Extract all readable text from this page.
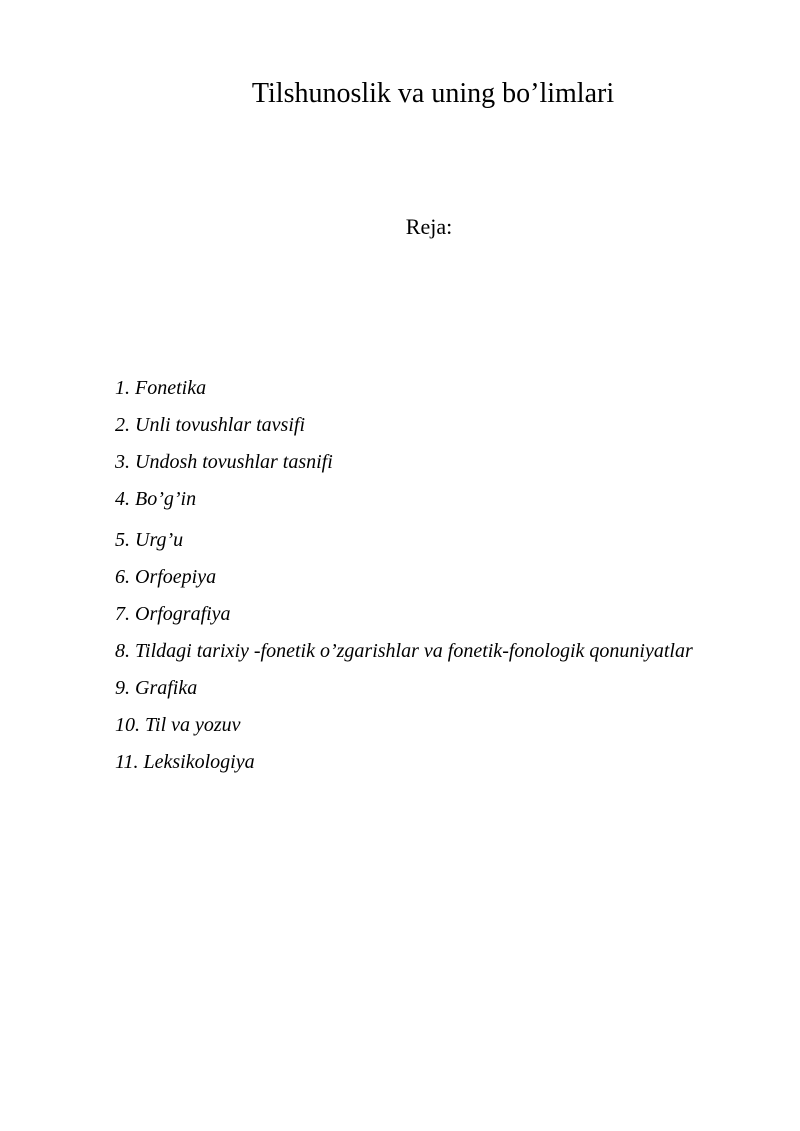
Tilshunoslik va uning bo’limlari
Reja:
1. Fonetika
2. Unli tovushlar tavsifi
3. Undosh tovushlar tasnifi
4. Bo’g’in
5. Urg’u
6. Orfoepiya
7. Orfografiya
8. Tildagi tarixiy -fonetik o’zgarishlar va fonetik-fonologik qonuniyatlar
9. Grafika
10. Til va yozuv
11. Leksikologiya
